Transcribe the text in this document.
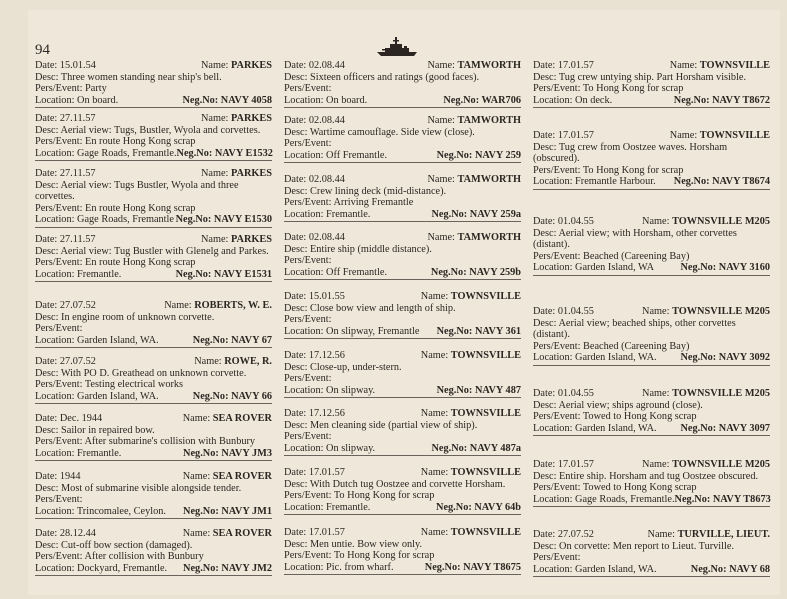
94
Date: 15.01.54	Name: PARKES
Desc: Three women standing near ship's bell.
Pers/Event: Party
Location: On board.	Neg.No: NAVY 4058
Date: 27.11.57	Name: PARKES
Desc: Aerial view: Tugs, Bustler, Wyola and corvettes.
Pers/Event: En route Hong Kong scrap
Location: Gage Roads, Fremantle. Neg.No: NAVY E1532
Date: 27.11.57	Name: PARKES
Desc: Aerial view: Tugs Bustler, Wyola and three corvettes.
Pers/Event: En route Hong Kong scrap
Location: Gage Roads, Fremantle Neg.No: NAVY E1530
Date: 27.11.57	Name: PARKES
Desc: Aerial view: Tug Bustler with Glenelg and Parkes.
Pers/Event: En route Hong Kong scrap
Location: Fremantle.	Neg.No: NAVY E1531
Date: 27.07.52	Name: ROBERTS, W. E.
Desc: In engine room of unknown corvette.
Pers/Event:
Location: Garden Island, WA.	Neg.No: NAVY 67
Date: 27.07.52	Name: ROWE, R.
Desc: With PO D. Greathead on unknown corvette.
Pers/Event: Testing electrical works
Location: Garden Island, WA.	Neg.No: NAVY 66
Date: Dec. 1944	Name: SEA ROVER
Desc: Sailor in repaired bow.
Pers/Event: After submarine's collision with Bunbury
Location: Fremantle.	Neg.No: NAVY JM3
Date: 1944	Name: SEA ROVER
Desc: Most of submarine visible alongside tender.
Pers/Event:
Location: Trincomalee, Ceylon. Neg.No: NAVY JM1
Date: 28.12.44	Name: SEA ROVER
Desc: Cut-off bow section (damaged).
Pers/Event: After collision with Bunbury
Location: Dockyard, Fremantle. Neg.No: NAVY JM2
Date: 02.08.44	Name: TAMWORTH
Desc: Sixteen officers and ratings (good faces).
Pers/Event:
Location: On board.	Neg.No: WAR706
Date: 02.08.44	Name: TAMWORTH
Desc: Wartime camouflage. Side view (close).
Pers/Event:
Location: Off Fremantle.	Neg.No: NAVY 259
Date: 02.08.44	Name: TAMWORTH
Desc: Crew lining deck (mid-distance).
Pers/Event: Arriving Fremantle
Location: Fremantle.	Neg.No: NAVY 259a
Date: 02.08.44	Name: TAMWORTH
Desc: Entire ship (middle distance).
Pers/Event:
Location: Off Fremantle.	Neg.No: NAVY 259b
Date: 15.01.55	Name: TOWNSVILLE
Desc: Close bow view and length of ship.
Pers/Event:
Location: On slipway, Fremantle Neg.No: NAVY 361
Date: 17.12.56	Name: TOWNSVILLE
Desc: Close-up, under-stern.
Pers/Event:
Location: On slipway.	Neg.No: NAVY 487
Date: 17.12.56	Name: TOWNSVILLE
Desc: Men cleaning side (partial view of ship).
Pers/Event:
Location: On slipway.	Neg.No: NAVY 487a
Date: 17.01.57	Name: TOWNSVILLE
Desc: With Dutch tug Oostzee and corvette Horsham.
Pers/Event: To Hong Kong for scrap
Location: Fremantle.	Neg.No: NAVY 64b
Date: 17.01.57	Name: TOWNSVILLE
Desc: Men untie. Bow view only.
Pers/Event: To Hong Kong for scrap
Location: Pic. from wharf.	Neg.No: NAVY T8675
Date: 17.01.57	Name: TOWNSVILLE
Desc: Tug crew untying ship. Part Horsham visible.
Pers/Event: To Hong Kong for scrap
Location: On deck.	Neg.No: NAVY T8672
Date: 17.01.57	Name: TOWNSVILLE
Desc: Tug crew from Oostzee waves. Horsham (obscured).
Pers/Event: To Hong Kong for scrap
Location: Fremantle Harbour. Neg.No: NAVY T8674
Date: 01.04.55	Name: TOWNSVILLE M205
Desc: Aerial view; with Horsham, other corvettes (distant).
Pers/Event: Beached (Careening Bay)
Location: Garden Island, WA	Neg.No: NAVY 3160
Date: 01.04.55	Name: TOWNSVILLE M205
Desc: Aerial view; beached ships, other corvettes (distant).
Pers/Event: Beached (Careening Bay)
Location: Garden Island, WA. Neg.No: NAVY 3092
Date: 01.04.55	Name: TOWNSVILLE M205
Desc: Aerial view; ships aground (close).
Pers/Event: Towed to Hong Kong scrap
Location: Garden Island, WA. Neg.No: NAVY 3097
Date: 17.01.57	Name: TOWNSVILLE M205
Desc: Entire ship. Horsham and tug Oostzee obscured.
Pers/Event: Towed to Hong Kong scrap
Location: Gage Roads, Fremantle. Neg.No: NAVY T8673
Date: 27.07.52	Name: TURVILLE, LIEUT.
Desc: On corvette: Men report to Lieut. Turville.
Pers/Event:
Location: Garden Island, WA.	Neg.No: NAVY 68
